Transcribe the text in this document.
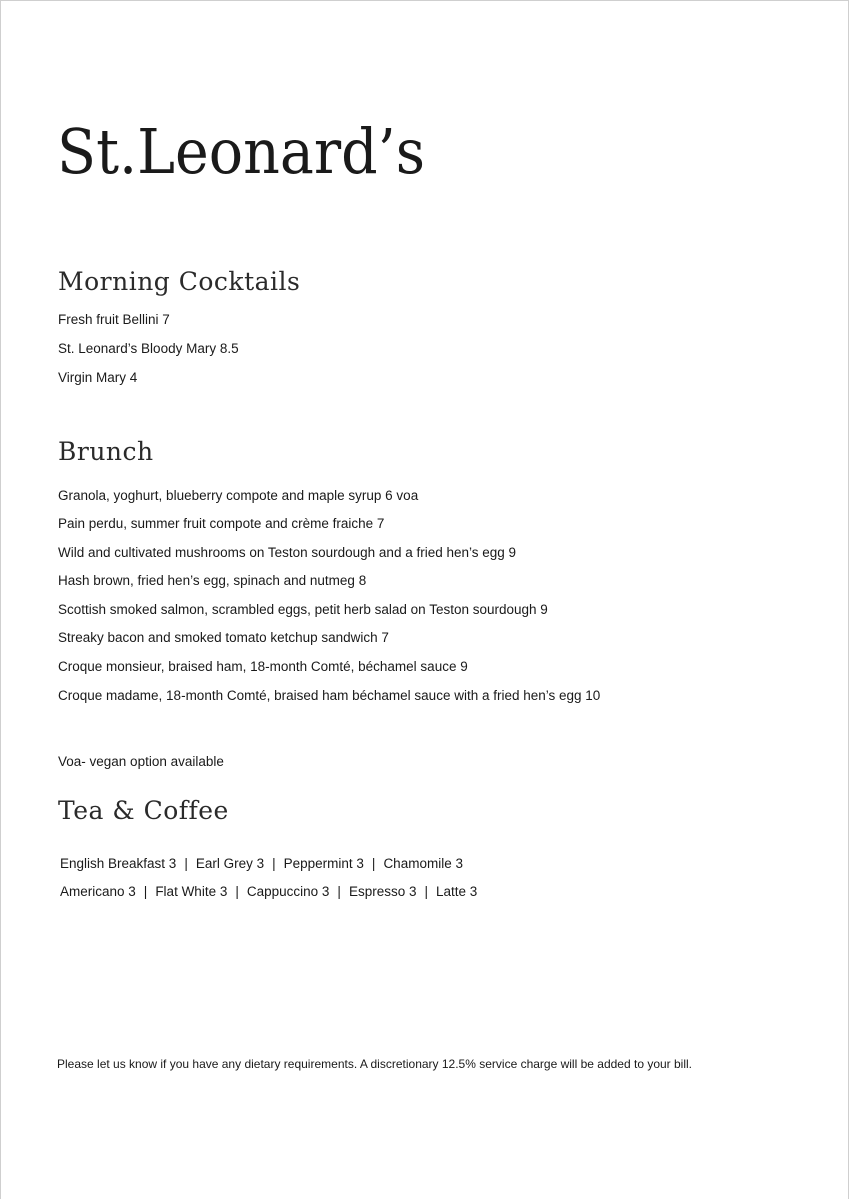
St.Leonard’s
Morning Cocktails
Fresh fruit Bellini 7
St. Leonard’s Bloody Mary 8.5
Virgin Mary 4
Brunch
Granola, yoghurt, blueberry compote and maple syrup 6 voa
Pain perdu, summer fruit compote and crème fraiche 7
Wild and cultivated mushrooms on Teston sourdough and a fried hen’s egg 9
Hash brown, fried hen’s egg, spinach and nutmeg 8
Scottish smoked salmon, scrambled eggs, petit herb salad on Teston sourdough 9
Streaky bacon and smoked tomato ketchup sandwich 7
Croque monsieur, braised ham, 18-month Comté, béchamel sauce 9
Croque madame, 18-month Comté, braised ham béchamel sauce with a fried hen’s egg 10
Voa- vegan option available
Tea & Coffee
English Breakfast 3 | Earl Grey 3 | Peppermint 3 | Chamomile 3
Americano 3 | Flat White 3 | Cappuccino 3 | Espresso 3 | Latte 3
Please let us know if you have any dietary requirements. A discretionary 12.5% service charge will be added to your bill.
